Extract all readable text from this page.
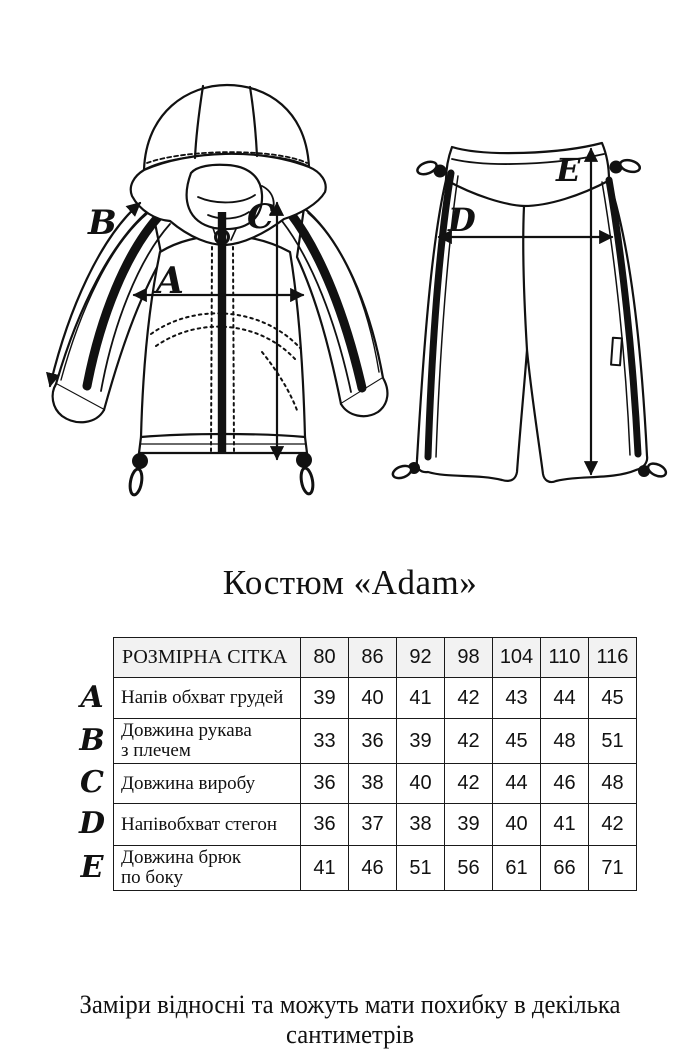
A
B	C	D
E
Костюм «Adam»
A
B
C
D
E
РОЗМІРНА СІТКА	80	86	92	98	104	110	116
Напів обхват грудей	39	40	41	42	43	44	45

Довжина рукава
з плечем	33	36	39	42	45	48	51
Довжина виробу	36	38	40	42	44	46	48
Напівобхват стегон	36	37	38	39	40	41	42

Довжина брюк
по боку	41	46	51	56	61	66	71
Заміри відносні та можуть мати похибку в декілька сантиметрів
